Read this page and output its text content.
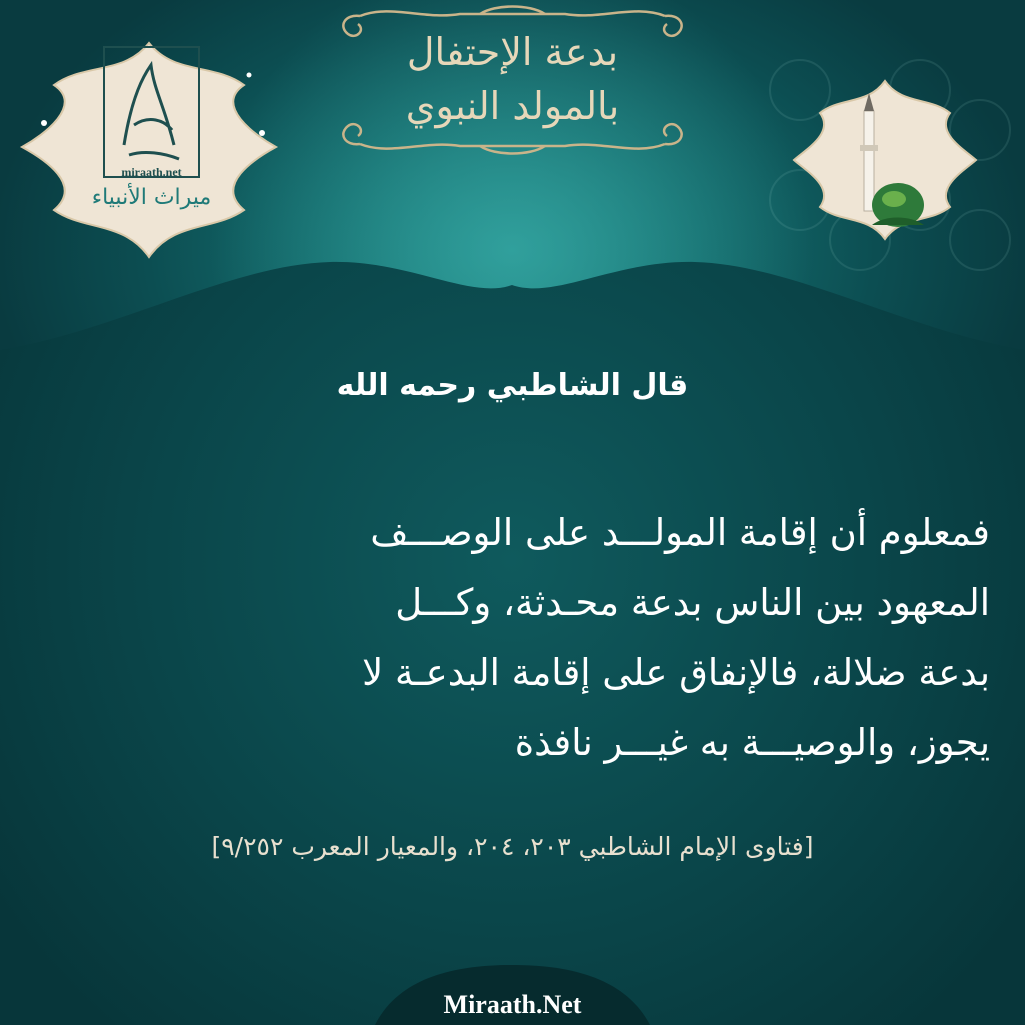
بدعة الإحتفال
بالمولد النبوي
miraath.net
ميراث الأنبياء
قال الشاطبي رحمه الله
فمعلوم أن إقامة المولـــد على الوصـــف
المعهود بين الناس بدعة محـدثة، وكـــل
بدعة ضلالة، فالإنفاق على إقامة البدعـة لا
يجوز، والوصيـــة به غيـــر نافذة
[فتاوى الإمام الشاطبي ٢٠٣، ٢٠٤، والمعيار المعرب ٩/٢٥٢]
Miraath.Net
